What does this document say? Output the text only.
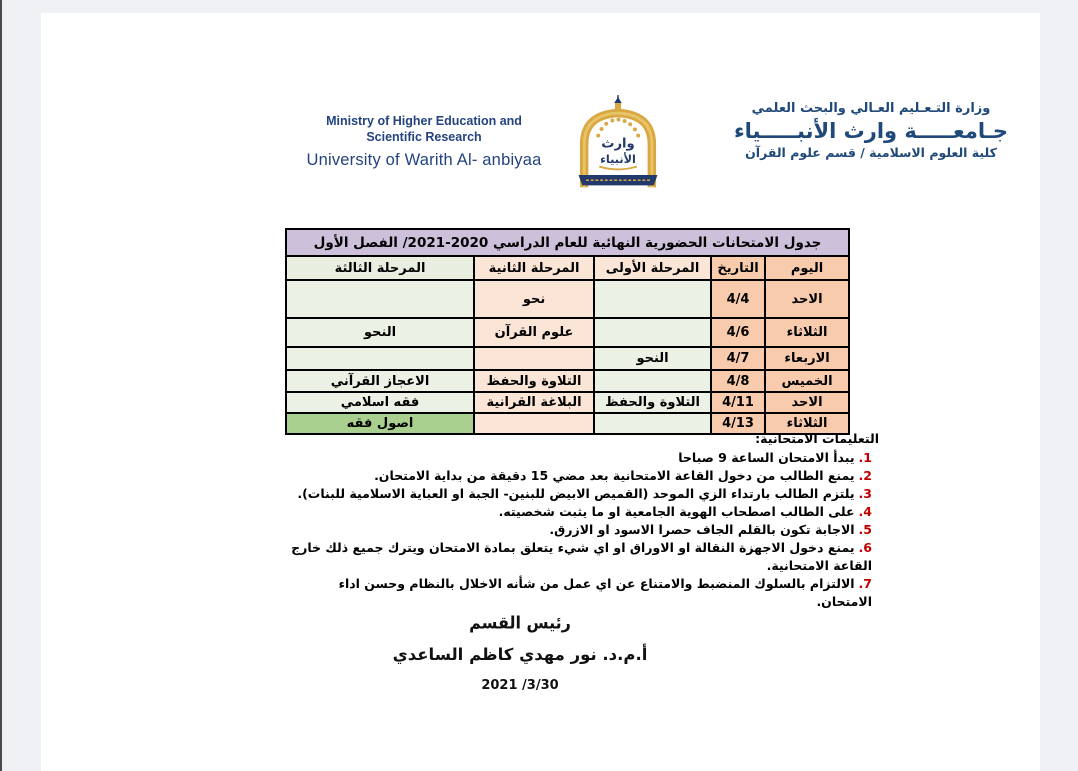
Ministry of Higher Education and
Scientific Research
University of Warith Al- anbiyaa
وارث
الأنبياء
وزارة التـعـليم العـالي والبحث العلمي
جـامعـــــة وارث الأنبـــــياء
كلية العلوم الاسلامية / قسم علوم القرآن
جدول الامتحانات الحضورية النهائية للعام الدراسي 2020-2021/ الفصل الأول				
اليوم	التاريخ	المرحلة الأولى	المرحلة الثانية	المرحلة الثالثة
الاحد	4/4		نحو	
الثلاثاء	4/6		علوم القرآن	النحو
الاربعاء	4/7	النحو		
الخميس	4/8		التلاوة والحفظ	الاعجاز القرآني
الاحد	4/11	التلاوة والحفظ	البلاغة القرانية	فقه اسلامي
الثلاثاء	4/13			اصول فقه
التعليمات الامتحانية:
1.يبدأ الامتحان الساعة 9 صباحا
2.يمنع الطالب من دخول القاعة الامتحانية بعد مضي 15 دقيقة من بداية الامتحان.
3.يلتزم الطالب بارتداء الزي الموحد (القميص الابيض للبنين- الجبة او العباية الاسلامية للبنات).
4.على الطالب اصطحاب الهوية الجامعية او ما يثبت شخصيته.
5.الاجابة تكون بالقلم الجاف حصرا الاسود او الازرق.
6.يمنع دخول الاجهزة النقالة او الاوراق او اي شيء يتعلق بمادة الامتحان ويترك جميع ذلك خارج القاعة الامتحانية.
7.الالتزام بالسلوك المنضبط والامتناع عن اي عمل من شأنه الاخلال بالنظام وحسن اداء الامتحان.
رئيس القسم
أ.م.د. نور مهدي كاظم الساعدي
2021 /3/30
